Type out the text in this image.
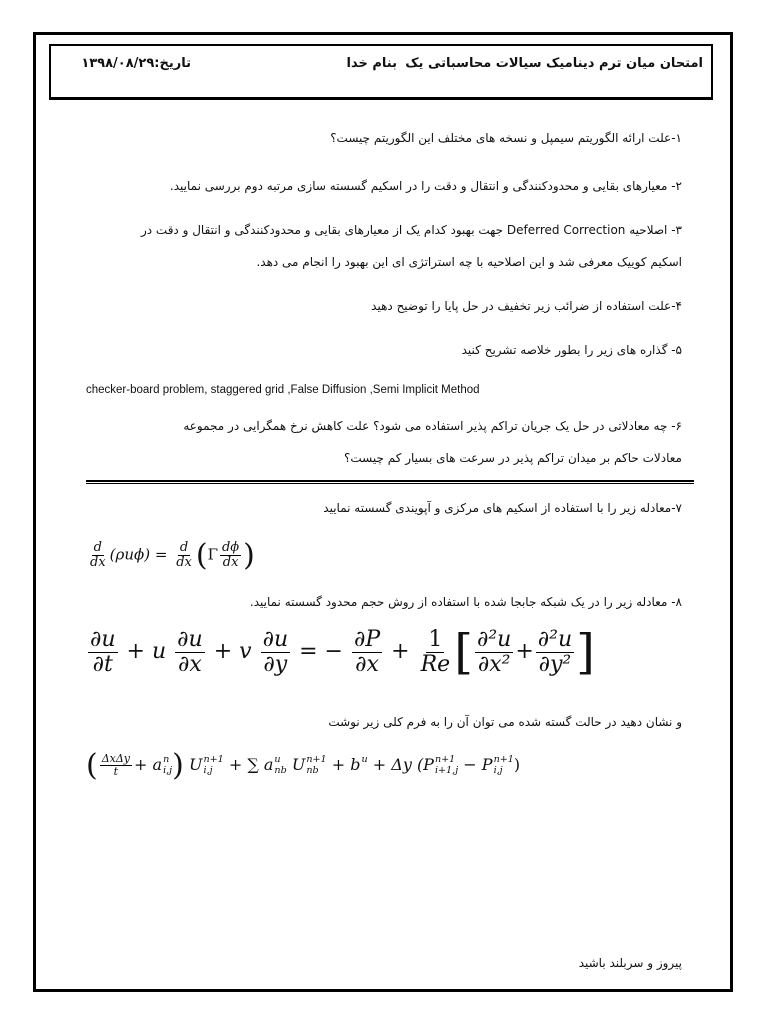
امتحان میان ترم دینامیک سیالات محاسباتی یک
بنام خدا
تاریخ:۱۳۹۸/۰۸/۲۹
۱-علت ارائه الگوریتم سیمپل و نسخه های مختلف این الگوریتم چیست؟
۲- معیارهای بقایی و محدودکنندگی و انتقال و دقت را در اسکیم گسسته سازی مرتبه دوم بررسی نمایید.
۳- اصلاحیه Deferred Correction جهت بهبود کدام یک از معیارهای بقایی و محدودکنندگی و انتقال و دقت در
اسکیم کوییک معرفی شد و این اصلاحیه با چه استراتژی ای این بهبود را انجام می دهد.
۴-علت استفاده از ضرائب زیر تخفیف در حل پایا را توضیح دهید
۵- گذاره های زیر را بطور خلاصه تشریح کنید
checker-board problem, staggered grid ,False Diffusion ,Semi Implicit Method
۶- چه معادلاتی در حل یک جریان تراکم پذیر استفاده می شود؟ علت کاهش نرخ همگرایی در مجموعه
معادلات حاکم بر میدان تراکم پذیر در سرعت های بسیار کم چیست؟
۷-معادله زیر را با استفاده از اسکیم های مرکزی و آپویندی گسسته نمایید
$\frac{d}{dx} (\rho u\phi) = \frac{d}{dx} (\Gamma \frac{d\phi}{dx}$ )
۸- معادله زیر را در یک شبکه جابجا شده با استفاده از روش حجم محدود گسسته نمایید.
$\frac{\partial u}{\partial t} + u \frac{\partial u}{\partial x} + v \frac{\partial u}{\partial y}$ = − $\frac{\partial P}{\partial x} + \frac{1}{Re}$ [ $\frac{\text{∂²u}}{\text{∂x²}} + \frac{\text{∂²u}}{\text{∂y²}}$ ]
و نشان دهید در حالت گسته شده می توان آن را به فرم کلی زیر نوشت
( $\frac{\text{ΔxΔy}}{t} + a$ n
i,j ) U n+1
i,j	+ ∑ a u
nb U n+1
nb + b u
+ Δy (P n+1
i+1,j − P n+1
i,j )
پیروز و سربلند باشید
